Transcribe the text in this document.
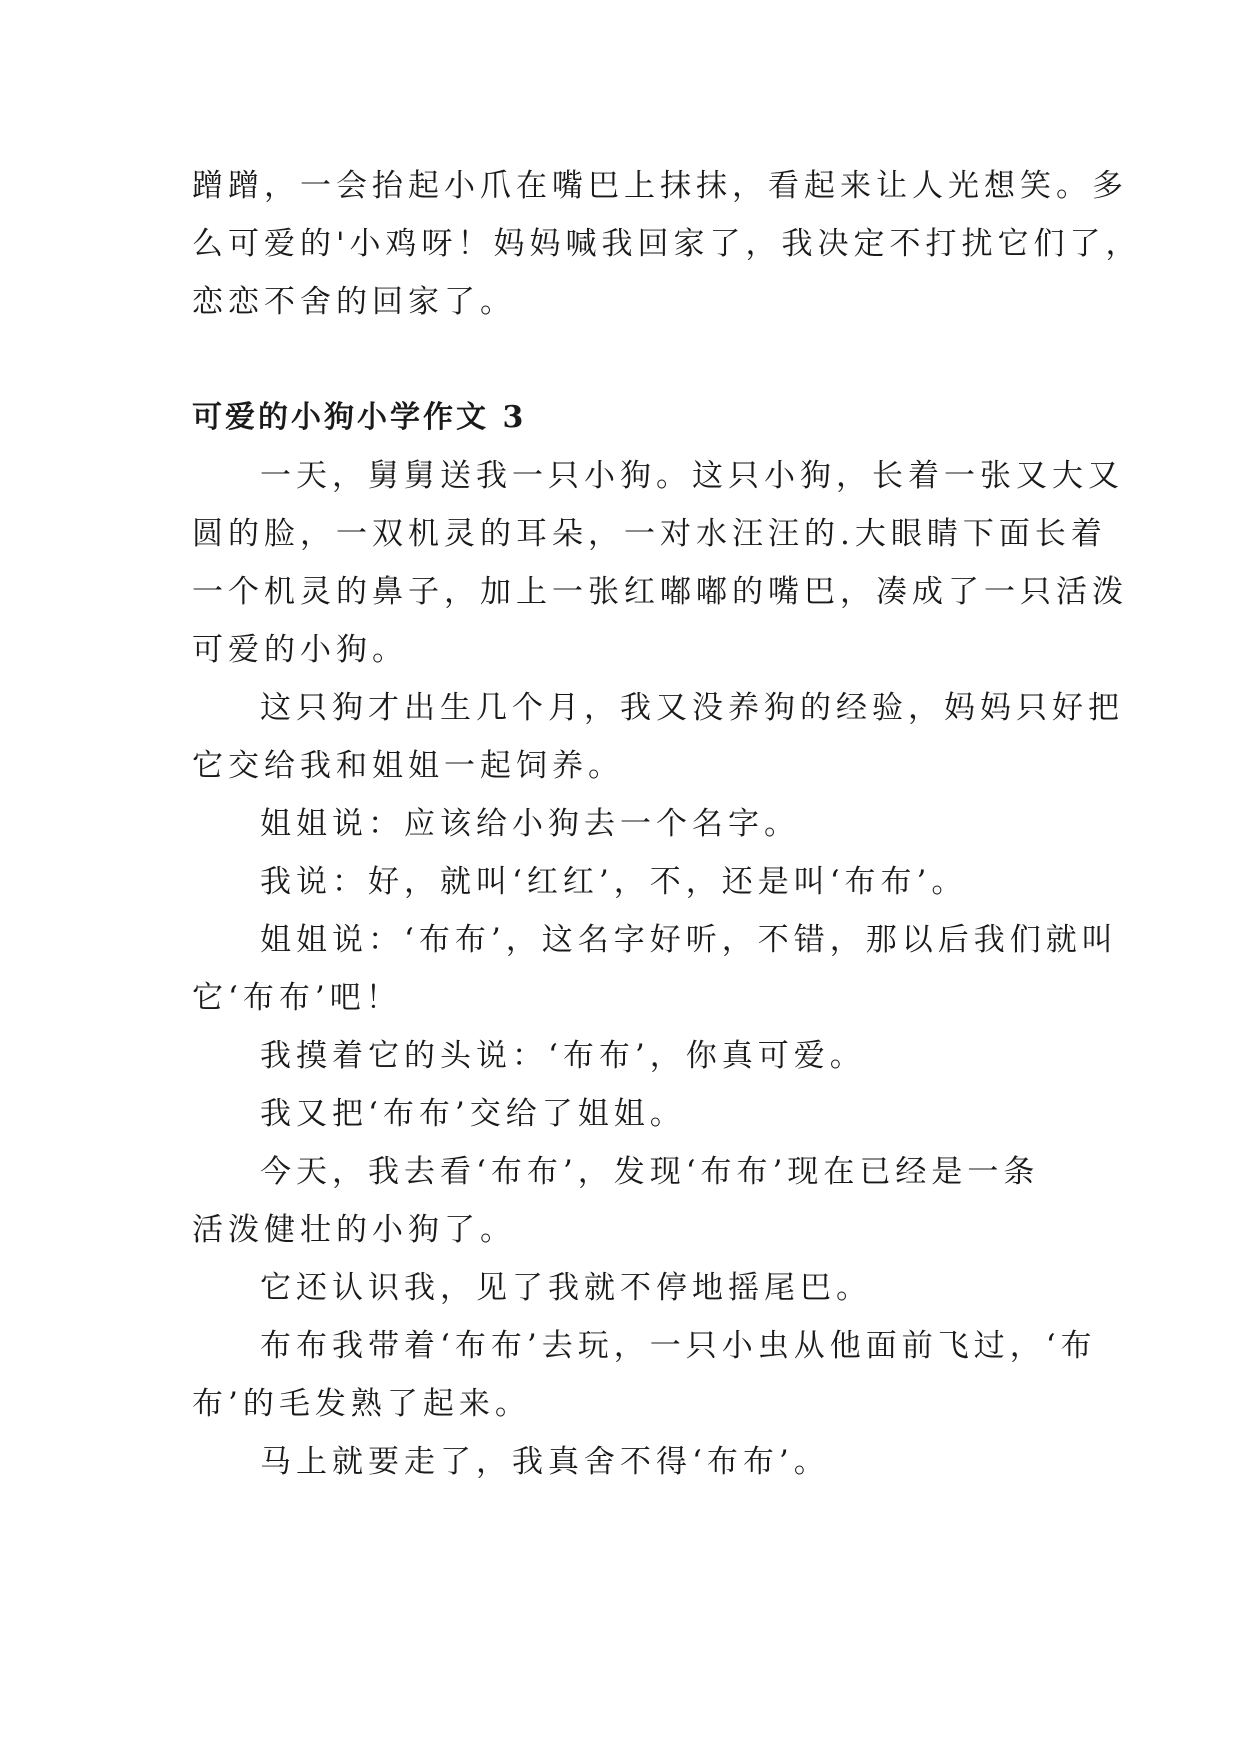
蹭蹭，一会抬起小爪在嘴巴上抹抹，看起来让人光想笑。多

么可爱的'小鸡呀！妈妈喊我回家了，我决定不打扰它们了，

恋恋不舍的回家了。

可爱的小狗小学作文 3

一天，舅舅送我一只小狗。这只小狗，长着一张又大又

圆的脸，一双机灵的耳朵，一对水汪汪的.大眼睛下面长着

一个机灵的鼻子，加上一张红嘟嘟的嘴巴，凑成了一只活泼

可爱的小狗。

这只狗才出生几个月，我又没养狗的经验，妈妈只好把

它交给我和姐姐一起饲养。

姐姐说：应该给小狗去一个名字。

我说：好，就叫‘红红’，不，还是叫‘布布’。

姐姐说：‘布布’，这名字好听，不错，那以后我们就叫

它‘布布’吧！

我摸着它的头说：‘布布’，你真可爱。

我又把‘布布’交给了姐姐。

今天，我去看‘布布’，发现‘布布’现在已经是一条

活泼健壮的小狗了。

它还认识我，见了我就不停地摇尾巴。

布布我带着‘布布’去玩，一只小虫从他面前飞过，‘布

布’的毛发熟了起来。

马上就要走了，我真舍不得‘布布’。
